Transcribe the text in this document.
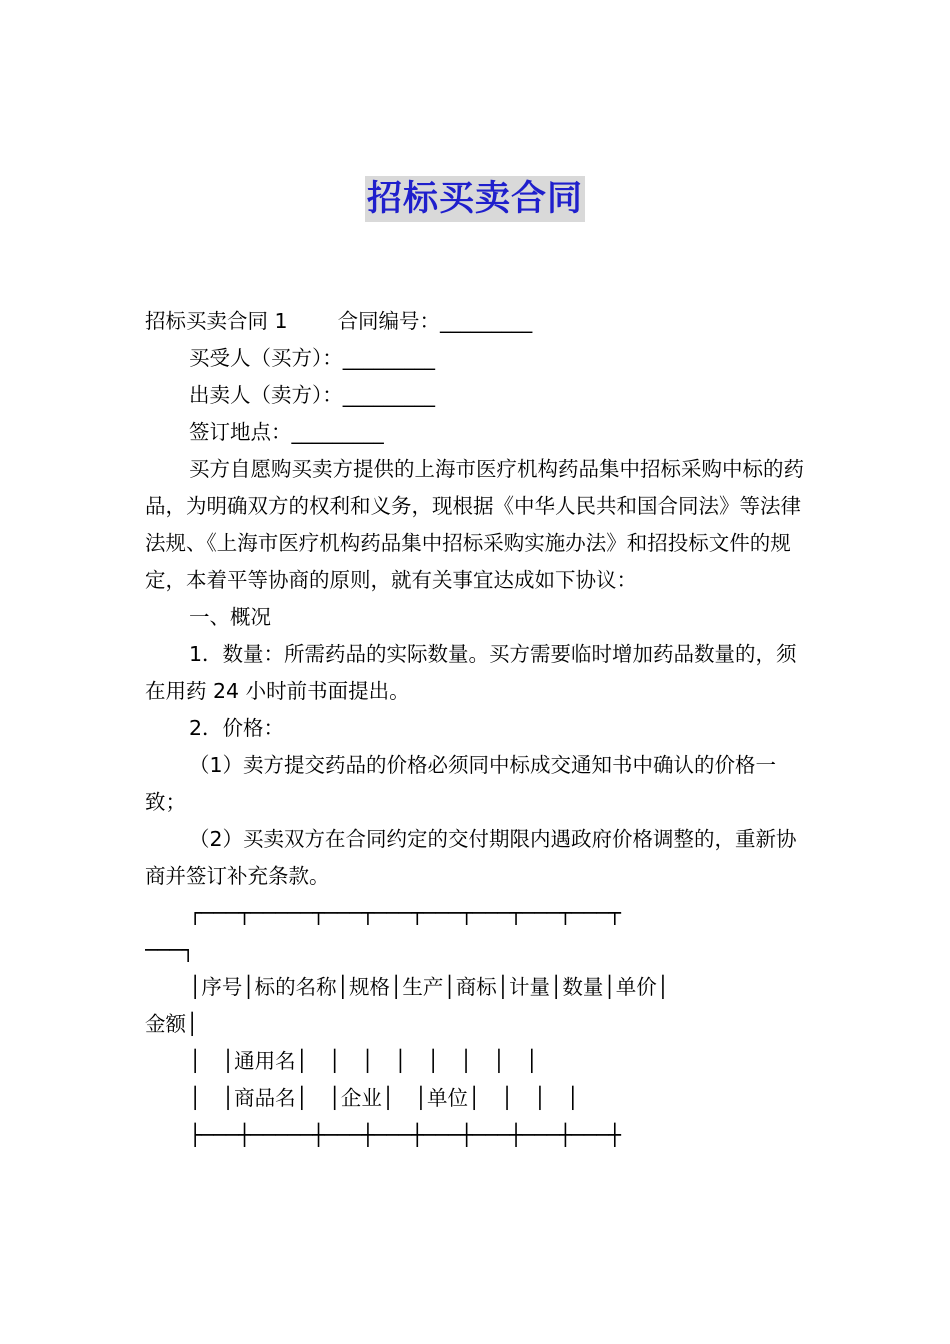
招标买卖合同
招标买卖合同 1 合同编号：_________
买受人（买方）：_________
出卖人（卖方）：_________
签订地点：_________
买方自愿购买卖方提供的上海市医疗机构药品集中招标采购中标的药品，为明确双方的权利和义务，现根据《中华人民共和国合同法》等法律法规、《上海市医疗机构药品集中招标采购实施办法》和招投标文件的规定，本着平等协商的原则，就有关事宜达成如下协议：
一、概况
1．数量：所需药品的实际数量。买方需要临时增加药品数量的，须在用药 24 小时前书面提出。
2．价格：
（1）卖方提交药品的价格必须同中标成交通知书中确认的价格一致；
（2）买卖双方在合同约定的交付期限内遇政府价格调整的，重新协商并签订补充条款。
┌───┬─────┬───┬───┬───┬───┬───┬───┬
───┐
│序号│标的名称│规格│生产│商标│计量│数量│单价│
金额│
│　│通用名│　│　│　│　│　│　│　│
│　│商品名│　│企业│　│单位│　│　│　│
├───┼─────┼───┼───┼───┼───┼───┼───┼
